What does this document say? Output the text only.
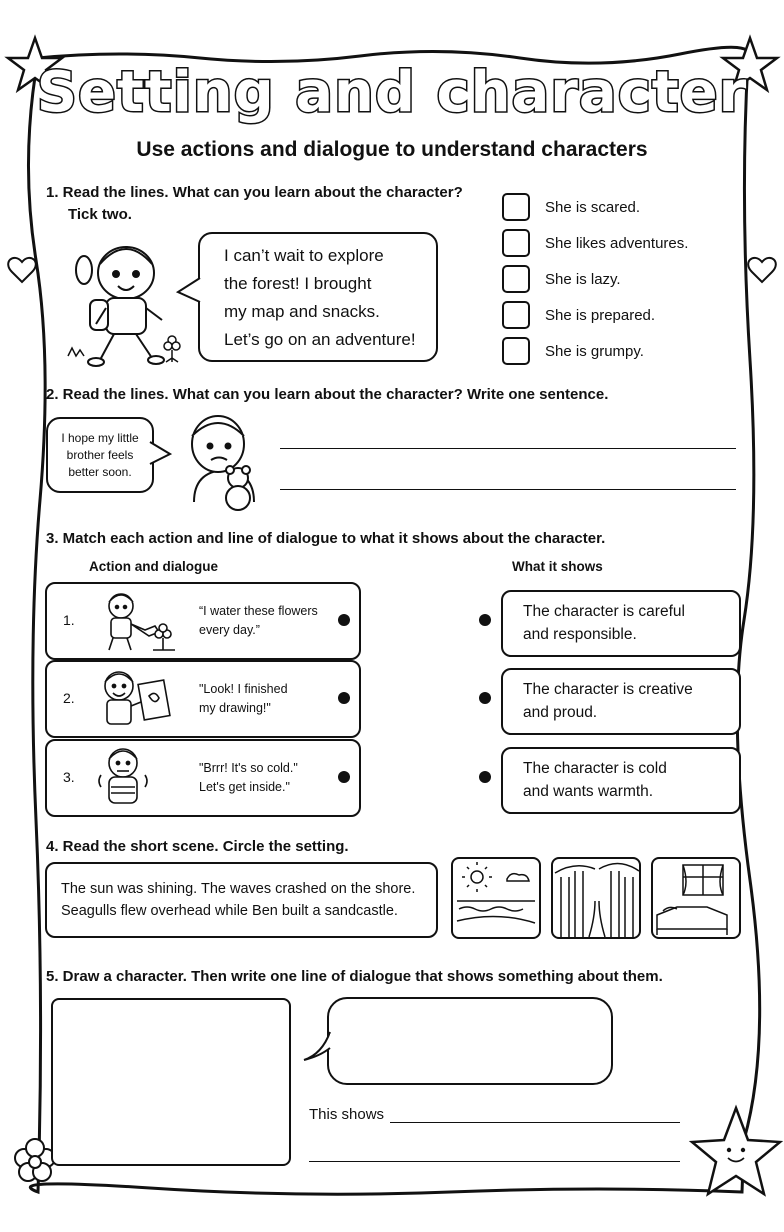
Setting and character
Use actions and dialogue to understand characters
1. Read the lines. What can you learn about the character?
Tick two.
I can’t wait to explore
the forest! I brought
my map and snacks.
Let’s go on an adventure!
She is scared.
She likes adventures.
She is lazy.
She is prepared.
She is grumpy.
2. Read the lines. What can you learn about the character? Write one sentence.
I hope my little
brother feels
better soon.
3. Match each action and line of dialogue to what it shows about the character.
Action and dialogue	What it shows
1.
“I water these flowers
every day.”
2.
"Look! I finished
my drawing!"
3.
"Brrr! It's so cold."
Let's get inside."
The character is careful
and responsible.
The character is creative
and proud.
The character is cold
and wants warmth.
4. Read the short scene. Circle the setting.
The sun was shining. The waves crashed on the shore.
Seagulls flew overhead while Ben built a sandcastle.
5. Draw a character. Then write one line of dialogue that shows something about them.
This shows
